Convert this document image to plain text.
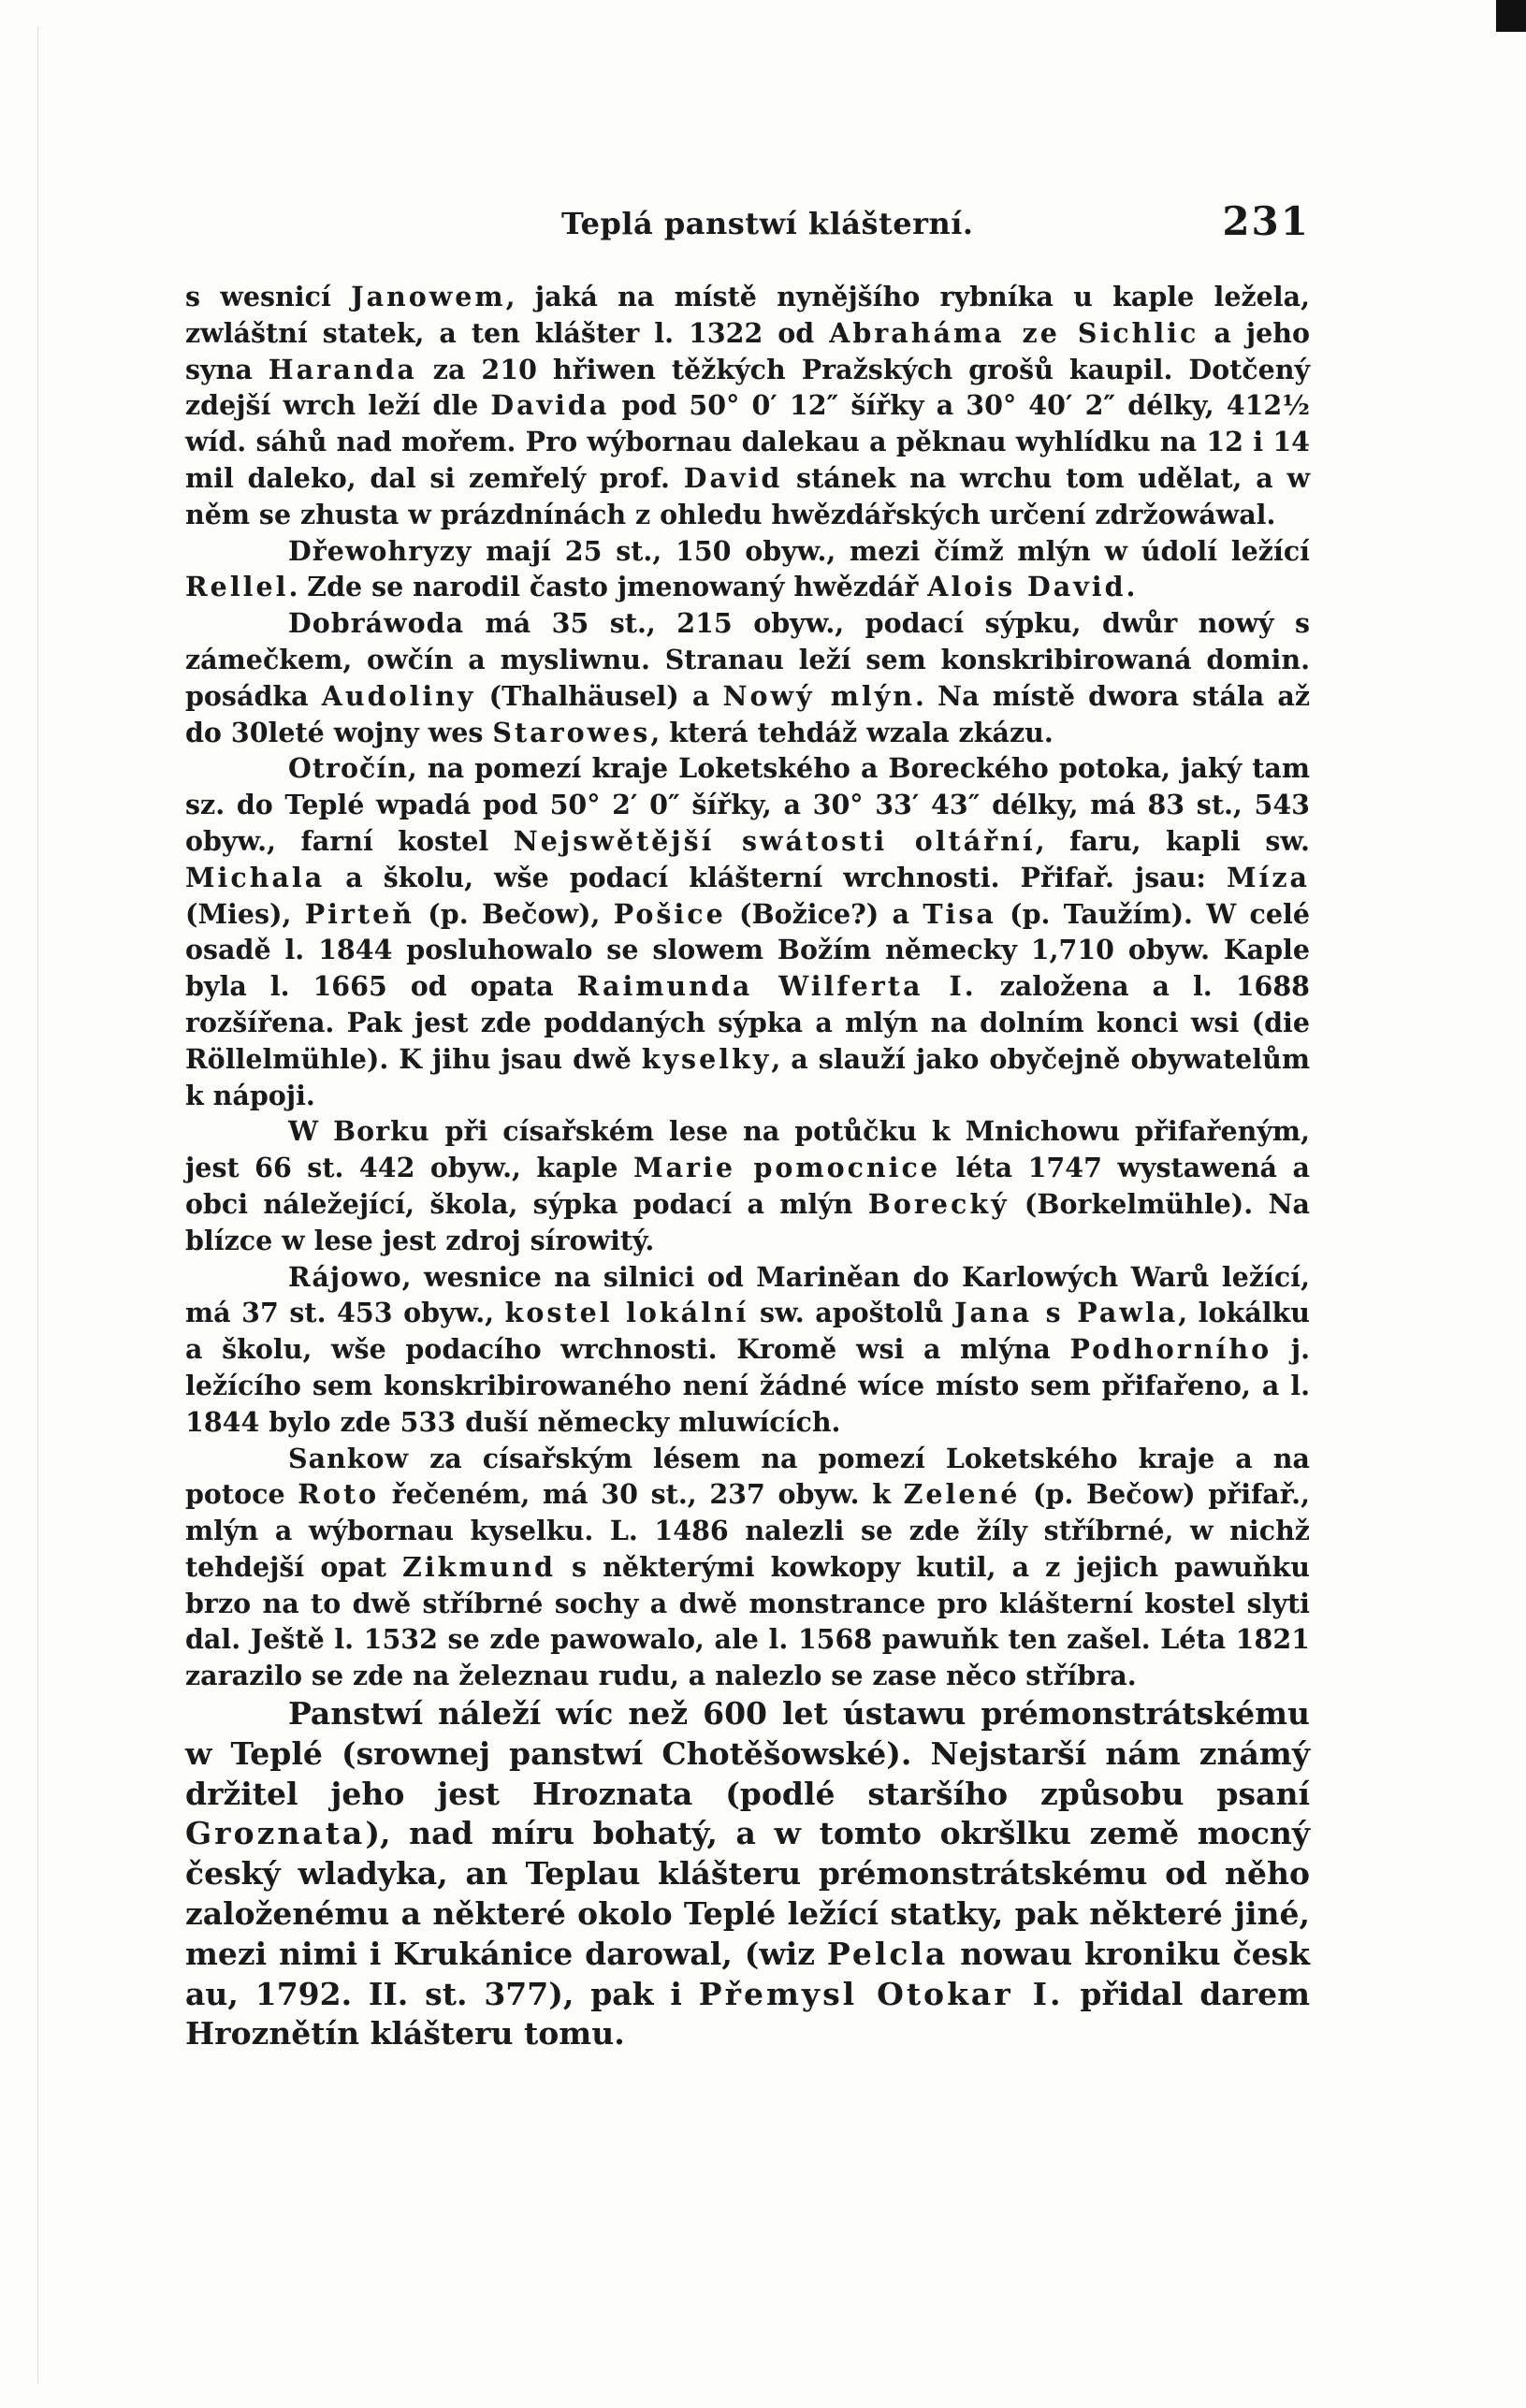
Teplá panstwí klášterní.	231

s wesnicí Janowem, jaká na místě nynějšího rybníka u kaple ležela, zwláštní statek, a ten klášter l. 1322 od Abraháma ze Sichlic a jeho syna Haranda za 210 hřiwen těžkých Pražských grošů kaupil. Dotčený zdejší wrch leží dle Davida pod 50° 0′ 12″ šířky a 30° 40′ 2″ délky, 412½ wíd. sáhů nad mořem. Pro wýbornau dalekau a pěknau wyhlídku na 12 i 14 mil daleko, dal si zemřelý prof. David stánek na wrchu tom udělat, a w něm se zhusta w prázdnínách z ohledu hwězdářských určení zdržowáwal.

Dřewohryzy mají 25 st., 150 obyw., mezi čímž mlýn w údolí ležící Rellel. Zde se narodil často jmenowaný hwězdář Alois David.

Dobráwoda má 35 st., 215 obyw., podací sýpku, dwůr nowý s zámečkem, owčín a mysliwnu. Stranau leží sem konskribirowaná domin. posádka Audoliny (Thalhäusel) a Nowý mlýn. Na místě dwora stála až do 30leté wojny wes Starowes, která tehdáž wzala zkázu.

Otročín, na pomezí kraje Loketského a Boreckého potoka, jaký tam sz. do Teplé wpadá pod 50° 2′ 0″ šířky, a 30° 33′ 43″ délky, má 83 st., 543 obyw., farní kostel Nejswětější swátosti oltářní, faru, kapli sw. Michala a školu, wše podací klášterní wrchnosti. Přifař. jsau: Míza (Mies), Pirteň (p. Bečow), Pošice (Božice?) a Tisa (p. Taužím). W celé osadě l. 1844 posluhowalo se slowem Božím německy 1,710 obyw. Kaple byla l. 1665 od opata Raimunda Wilferta I. založena a l. 1688 rozšířena. Pak jest zde poddaných sýpka a mlýn na dolním konci wsi (die Röllelmühle). K jihu jsau dwě kyselky, a slauží jako obyčejně obywatelům k nápoji.

W Borku při císařském lese na potůčku k Mnichowu přifařeným, jest 66 st. 442 obyw., kaple Marie pomocnice léta 1747 wystawená a obci náležející, škola, sýpka podací a mlýn Borecký (Borkelmühle). Na blízce w lese jest zdroj sírowitý.

Rájowo, wesnice na silnici od Mariněan do Karlowých Warů ležící, má 37 st. 453 obyw., kostel lokální sw. apoštolů Jana s Pawla, lokálku a školu, wše podacího wrchnosti. Kromě wsi a mlýna Podhorního j. ležícího sem konskribirowaného není žádné wíce místo sem přifařeno, a l. 1844 bylo zde 533 duší německy mluwících.

Sankow za císařským lésem na pomezí Loketského kraje a na potoce Roto řečeném, má 30 st., 237 obyw. k Zelené (p. Bečow) přifař., mlýn a wýbornau kyselku. L. 1486 nalezli se zde žíly stříbrné, w nichž tehdejší opat Zikmund s některými kowkopy kutil, a z jejich pawuňku brzo na to dwě stříbrné sochy a dwě monstrance pro klášterní kostel slyti dal. Ještě l. 1532 se zde pawowalo, ale l. 1568 pawuňk ten zašel. Léta 1821 zarazilo se zde na železnau rudu, a nalezlo se zase něco stříbra.

Panstwí náleží wíc než 600 let ústawu prémonstrátskému w Teplé (srownej panstwí Chotěšowské). Nejstarší nám známý držitel jeho jest Hroznata (podlé staršího způsobu psaní Groznata), nad míru bohatý, a w tomto okršlku země mocný český wladyka, an Teplau klášteru prémonstrátskému od něho založenému a některé okolo Teplé ležící statky, pak některé jiné, mezi nimi i Krukánice darowal, (wiz Pelcla nowau kroniku česk​au, 1792. II. st. 377), pak i Přemysl Otokar I. přidal darem Hroznětín klášteru tomu.
